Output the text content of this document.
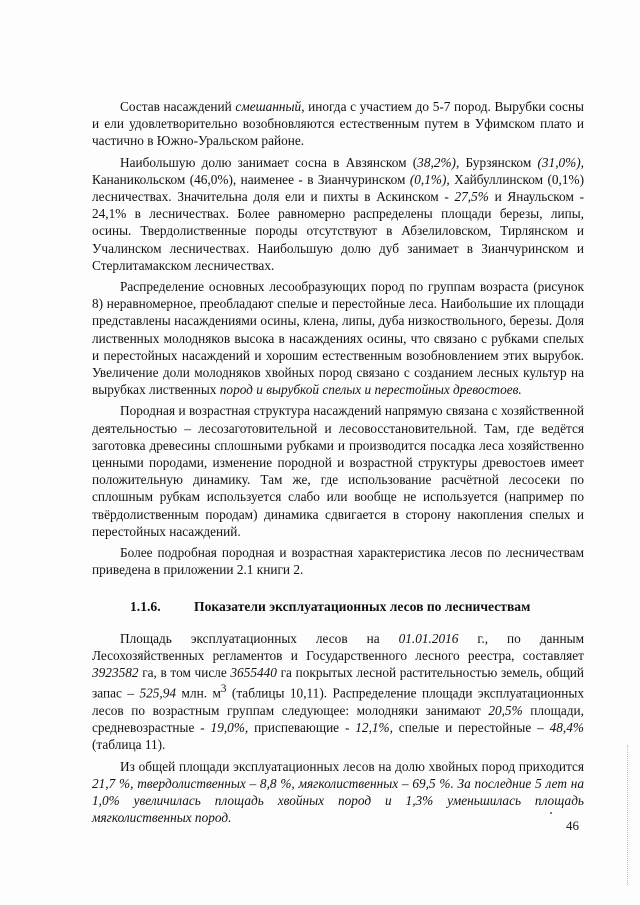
Состав насаждений смешанный, иногда с участием до 5-7 пород. Вырубки сосны и ели удовлетворительно возобновляются естественным путем в Уфимском плато и частично в Южно-Уральском районе.

Наибольшую долю занимает сосна в Авзянском (38,2%), Бурзянском (31,0%), Кананикольском (46,0%), наименее - в Зианчуринском (0,1%), Хайбуллинском (0,1%) лесничествах. Значительна доля ели и пихты в Аскинском - 27,5% и Янаульском - 24,1% в лесничествах. Более равномерно распределены площади березы, липы, осины. Твердолиственные породы отсутствуют в Абзелиловском, Тирлянском и Учалинском лесничествах. Наибольшую долю дуб занимает в Зианчуринском и Стерлитамакском лесничествах.

Распределение основных лесообразующих пород по группам возраста (рисунок 8) неравномерное, преобладают спелые и перестойные леса. Наибольшие их площади представлены насаждениями осины, клена, липы, дуба низкоствольного, березы. Доля лиственных молодняков высока в насаждениях осины, что связано с рубками спелых и перестойных насаждений и хорошим естественным возобновлением этих вырубок. Увеличение доли молодняков хвойных пород связано с созданием лесных культур на вырубках лиственных пород и вырубкой спелых и перестойных древостоев.

Породная и возрастная структура насаждений напрямую связана с хозяйственной деятельностью – лесозаготовительной и лесовосстановительной. Там, где ведётся заготовка древесины сплошными рубками и производится посадка леса хозяйственно ценными породами, изменение породной и возрастной структуры древостоев имеет положительную динамику. Там же, где использование расчётной лесосеки по сплошным рубкам используется слабо или вообще не используется (например по твёрдолиственным породам) динамика сдвигается в сторону накопления спелых и перестойных насаждений.

Более подробная породная и возрастная характеристика лесов по лесничествам приведена в приложении 2.1 книги 2.

1.1.6. Показатели эксплуатационных лесов по лесничествам

Площадь эксплуатационных лесов на 01.01.2016 г., по данным Лесохозяйственных регламентов и Государственного лесного реестра, составляет 3923582 га, в том числе 3655440 га покрытых лесной растительностью земель, общий запас – 525,94 млн. $м^3$ (таблицы 10,11). Распределение площади эксплуатационных лесов по возрастным группам следующее: молодняки занимают 20,5% площади, средневозрастные - 19,0%, приспевающие - 12,1%, спелые и перестойные – 48,4% (таблица 11).

Из общей площади эксплуатационных лесов на долю хвойных пород приходится 21,7 %, твердолиственных – 8,8 %, мягколиственных – 69,5 %. За последние 5 лет на 1,0% увеличилась площадь хвойных пород и 1,3% уменьшилась площадь мягколиственных пород.

46
